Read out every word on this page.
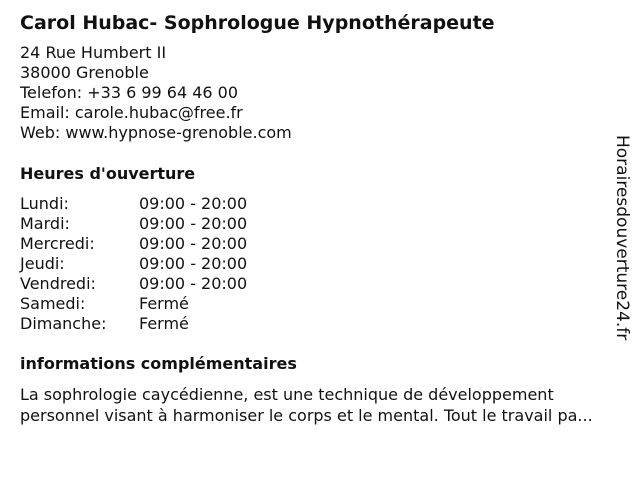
Carol Hubac- Sophrologue Hypnothérapeute
24 Rue Humbert II
38000 Grenoble
Telefon: +33 6 99 64 46 00
Email: carole.hubac@free.fr
Web: www.hypnose-grenoble.com
Heures d'ouverture
Lundi:	09:00 - 20:00
Mardi:	09:00 - 20:00
Mercredi:	09:00 - 20:00
Jeudi:	09:00 - 20:00
Vendredi:	09:00 - 20:00
Samedi:	Fermé
Dimanche:	Fermé
informations complémentaires

La sophrologie caycédienne, est une technique de développement personnel visant à harmoniser le corps et le mental. Tout le travail pa...

Horairesdouverture24.fr
